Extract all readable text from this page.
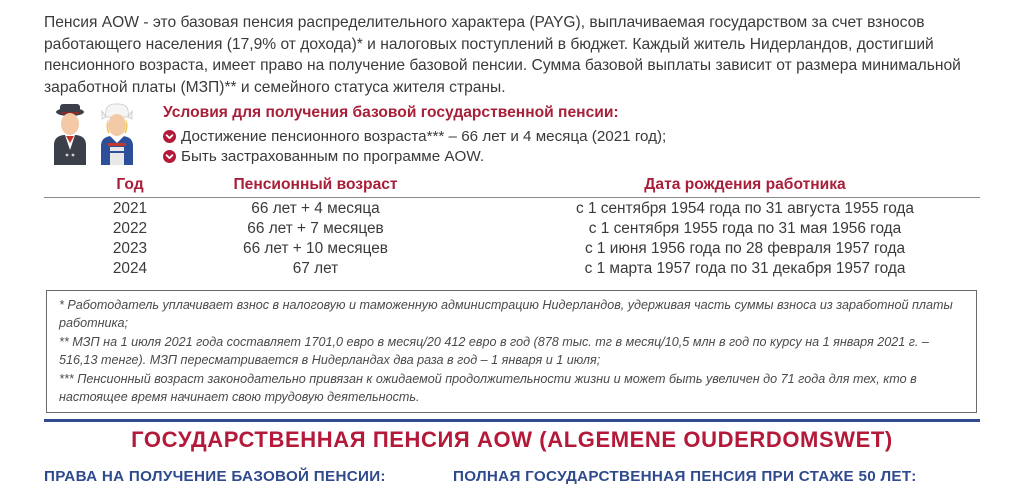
Пенсия AOW - это базовая пенсия распределительного характера (PAYG), выплачиваемая государством за счет взносов работающего населения (17,9% от дохода)* и налоговых поступлений в бюджет. Каждый житель Нидерландов, достигший пенсионного возраста, имеет право на получение базовой пенсии. Сумма базовой выплаты зависит от размера минимальной заработной платы (МЗП)** и семейного статуса жителя страны.

Условия для получения базовой государственной пенсии:
Достижение пенсионного возраста*** – 66 лет и 4 месяца (2021 год);
Быть застрахованным по программе AOW.
Год	Пенсионный возраст	Дата рождения работника
2021	66 лет + 4 месяца	с 1 сентября 1954 года по 31 августа 1955 года
2022	66 лет + 7 месяцев	с 1 сентября 1955 года по 31 мая 1956 года
2023	66 лет + 10 месяцев	с 1 июня 1956 года по 28 февраля 1957 года
2024	67 лет	с 1 марта 1957 года по 31 декабря 1957 года

* Работодатель уплачивает взнос в налоговую и таможенную администрацию Нидерландов, удерживая часть суммы взноса из заработной платы работника;

** МЗП на 1 июля 2021 года составляет 1701,0 евро в месяц/20 412 евро в год (878 тыс. тг в месяц/10,5 млн в год по курсу на 1 января 2021 г. – 516,13 тенге). МЗП пересматривается в Нидерландах два раза в год – 1 января и 1 июля;

*** Пенсионный возраст законодательно привязан к ожидаемой продолжительности жизни и может быть увеличен до 71 года для тех, кто в настоящее время начинает свою трудовую деятельность.

ГОСУДАРСТВЕННАЯ ПЕНСИЯ AOW (ALGEMENE OUDERDOMSWET)
ПРАВА НА ПОЛУЧЕНИЕ БАЗОВОЙ ПЕНСИИ:	ПОЛНАЯ ГОСУДАРСТВЕННАЯ ПЕНСИЯ ПРИ СТАЖЕ 50 ЛЕТ:
